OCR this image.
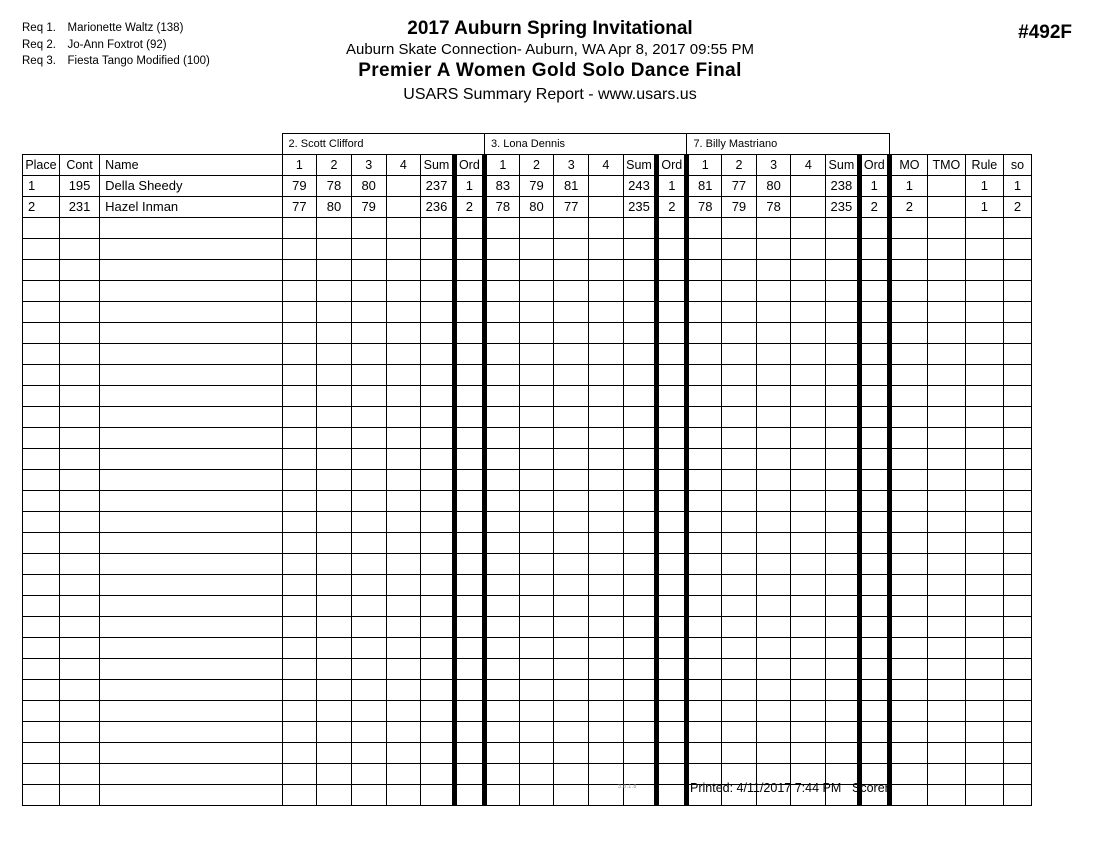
Req 1. Marionette Waltz (138)
Req 2. Jo-Ann Foxtrot (92)
Req 3. Fiesta Tango Modified (100)
2017 Auburn Spring Invitational
Auburn Skate Connection- Auburn, WA Apr 8, 2017 09:55 PM
Premier A Women Gold Solo Dance Final
USARS Summary Report - www.usars.us
#492F
			2. Scott Clifford						3. Lona Dennis						7. Billy Mastriano									
Place	Cont	Name	1	2	3	4	Sum	Ord	1	2	3	4	Sum	Ord	1	2	3	4	Sum	Ord	MO	TMO	Rule	so
1	195	Della Sheedy	79	78	80		237	1	83	79	81		243	1	81	77	80		238	1	1		1	1
2	231	Hazel Inman	77	80	79		236	2	78	80	77		235	2	78	79	78		235	2	2		1	2

3.8.1.8	Printed: 4/11/2017 7:44 PM Scorer:
